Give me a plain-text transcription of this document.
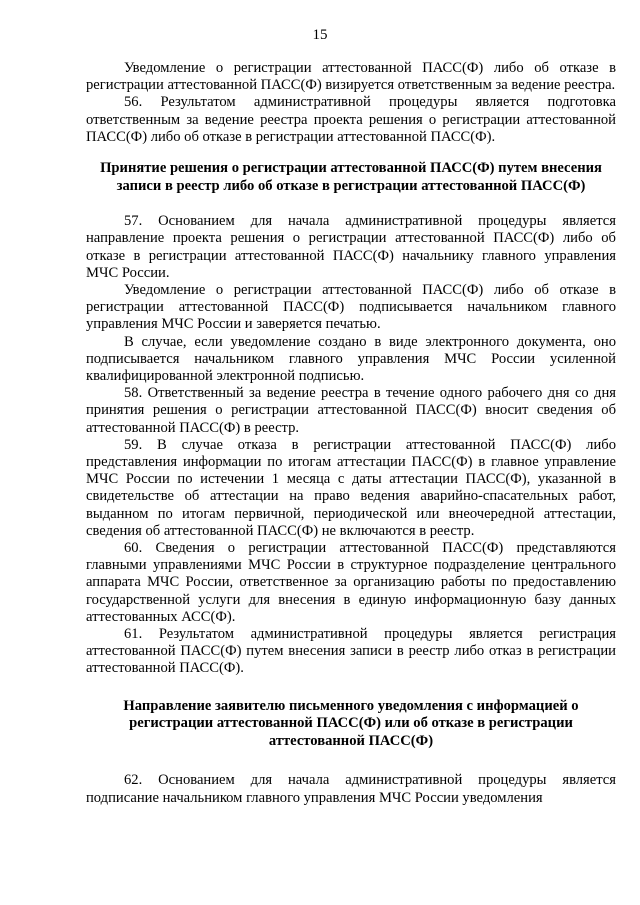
15

Уведомление о регистрации аттестованной ПАСС(Ф) либо об отказе в регистрации аттестованной ПАСС(Ф) визируется ответственным за ведение реестра.

56. Результатом административной процедуры является подготовка ответственным за ведение реестра проекта решения о регистрации аттестованной ПАСС(Ф) либо об отказе в регистрации аттестованной ПАСС(Ф).

Принятие решения о регистрации аттестованной ПАСС(Ф) путем внесения записи в реестр либо об отказе в регистрации аттестованной ПАСС(Ф)

57. Основанием для начала административной процедуры является направление проекта решения о регистрации аттестованной ПАСС(Ф) либо об отказе в регистрации аттестованной ПАСС(Ф) начальнику главного управления МЧС России.

Уведомление о регистрации аттестованной ПАСС(Ф) либо об отказе в регистрации аттестованной ПАСС(Ф) подписывается начальником главного управления МЧС России и заверяется печатью.

В случае, если уведомление создано в виде электронного документа, оно подписывается начальником главного управления МЧС России усиленной квалифицированной электронной подписью.

58. Ответственный за ведение реестра в течение одного рабочего дня со дня принятия решения о регистрации аттестованной ПАСС(Ф) вносит сведения об аттестованной ПАСС(Ф) в реестр.

59. В случае отказа в регистрации аттестованной ПАСС(Ф) либо представления информации по итогам аттестации ПАСС(Ф) в главное управление МЧС России по истечении 1 месяца с даты аттестации ПАСС(Ф), указанной в свидетельстве об аттестации на право ведения аварийно-спасательных работ, выданном по итогам первичной, периодической или внеочередной аттестации, сведения об аттестованной ПАСС(Ф) не включаются в реестр.

60. Сведения о регистрации аттестованной ПАСС(Ф) представляются главными управлениями МЧС России в структурное подразделение центрального аппарата МЧС России, ответственное за организацию работы по предоставлению государственной услуги для внесения в единую информационную базу данных аттестованных АСС(Ф).

61. Результатом административной процедуры является регистрация аттестованной ПАСС(Ф) путем внесения записи в реестр либо отказ в регистрации аттестованной ПАСС(Ф).

Направление заявителю письменного уведомления с информацией о регистрации аттестованной ПАСС(Ф) или об отказе в регистрации аттестованной ПАСС(Ф)

62. Основанием для начала административной процедуры является подписание начальником главного управления МЧС России уведомления
